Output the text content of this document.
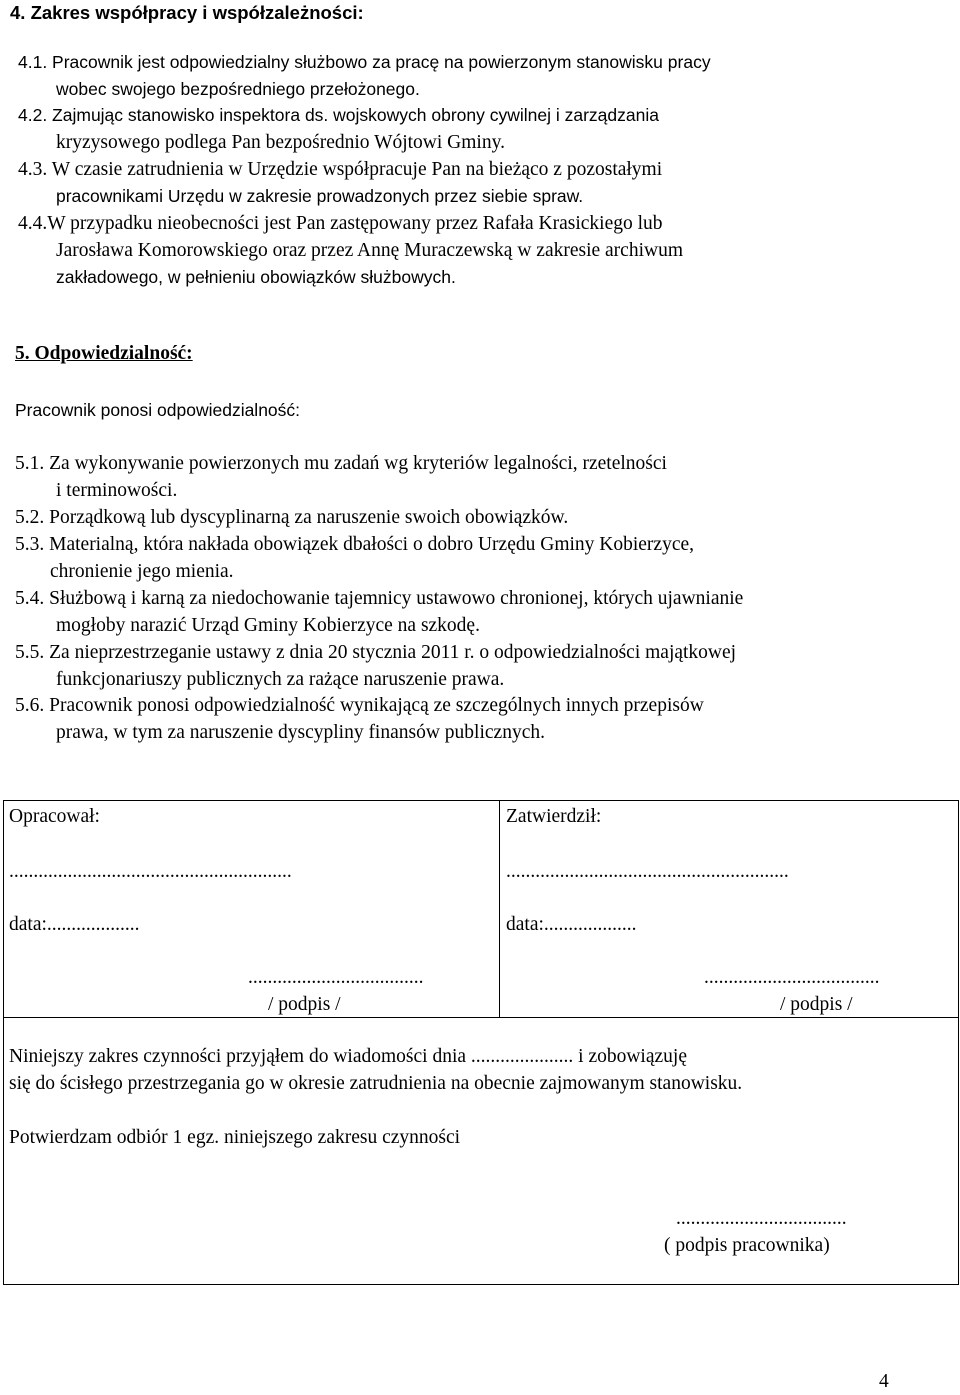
4. Zakres współpracy i współzależności:
4.1. Pracownik jest odpowiedzialny służbowo za pracę na powierzonym stanowisku pracy
wobec swojego bezpośredniego przełożonego.
4.2. Zajmując stanowisko inspektora ds. wojskowych obrony cywilnej i zarządzania
kryzysowego podlega Pan bezpośrednio Wójtowi Gminy.
4.3. W czasie zatrudnienia w Urzędzie współpracuje Pan na bieżąco z pozostałymi
pracownikami Urzędu w zakresie prowadzonych przez siebie spraw.
4.4.W przypadku nieobecności jest Pan zastępowany przez Rafała Krasickiego lub
Jarosława Komorowskiego oraz przez Annę Muraczewską w zakresie archiwum
zakładowego, w pełnieniu obowiązków służbowych.
5. Odpowiedzialność:
Pracownik ponosi odpowiedzialność:
5.1. Za wykonywanie powierzonych mu zadań wg kryteriów legalności, rzetelności
i terminowości.
5.2. Porządkową lub dyscyplinarną za naruszenie swoich obowiązków.
5.3. Materialną, która nakłada obowiązek dbałości o dobro Urzędu Gminy Kobierzyce,
chronienie jego mienia.
5.4. Służbową i karną za niedochowanie tajemnicy ustawowo chronionej, których ujawnianie
mogłoby narazić Urząd Gminy Kobierzyce na szkodę.
5.5. Za nieprzestrzeganie ustawy z dnia 20 stycznia 2011 r. o odpowiedzialności majątkowej
funkcjonariuszy publicznych za rażące naruszenie prawa.
5.6. Pracownik ponosi odpowiedzialność wynikającą ze szczególnych innych przepisów
prawa, w tym za naruszenie dyscypliny finansów publicznych.
Opracował:
..........................................................
data:...................
....................................
/ podpis /
Zatwierdził:
..........................................................
data:...................
....................................
/ podpis /
Niniejszy zakres czynności przyjąłem do wiadomości dnia ..................... i zobowiązuję
się do ścisłego przestrzegania go w okresie zatrudnienia na obecnie zajmowanym stanowisku.
Potwierdzam odbiór 1 egz. niniejszego zakresu czynności
...................................
( podpis pracownika)
4
